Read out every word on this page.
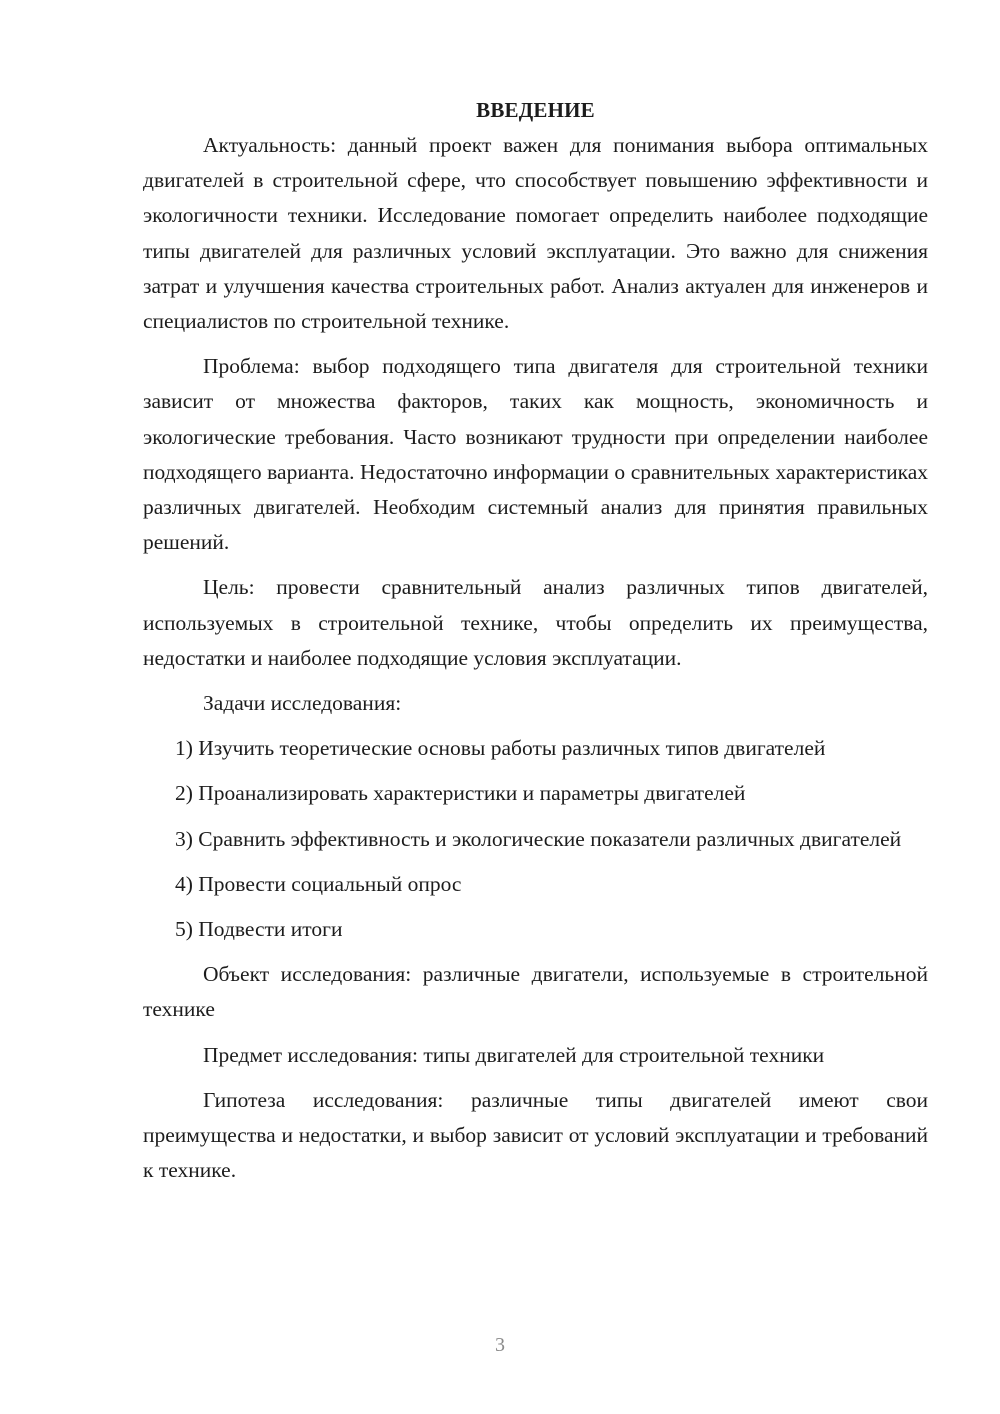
ВВЕДЕНИЕ

Актуальность: данный проект важен для понимания выбора оптимальных двигателей в строительной сфере, что способствует повышению эффективности и экологичности техники. Исследование помогает определить наиболее подходящие типы двигателей для различных условий эксплуатации. Это важно для снижения затрат и улучшения качества строительных работ. Анализ актуален для инженеров и специалистов по строительной технике.

Проблема: выбор подходящего типа двигателя для строительной техники зависит от множества факторов, таких как мощность, экономичность и экологические требования. Часто возникают трудности при определении наиболее подходящего варианта. Недостаточно информации о сравнительных характеристиках различных двигателей. Необходим системный анализ для принятия правильных решений.

Цель: провести сравнительный анализ различных типов двигателей, используемых в строительной технике, чтобы определить их преимущества, недостатки и наиболее подходящие условия эксплуатации.

Задачи исследования:

1) Изучить теоретические основы работы различных типов двигателей

2) Проанализировать характеристики и параметры двигателей

3) Сравнить эффективность и экологические показатели различных двигателей

4) Провести социальный опрос

5) Подвести итоги

Объект исследования: различные двигатели, используемые в строительной технике

Предмет исследования: типы двигателей для строительной техники

Гипотеза исследования: различные типы двигателей имеют свои преимущества и недостатки, и выбор зависит от условий эксплуатации и требований к технике.

3
